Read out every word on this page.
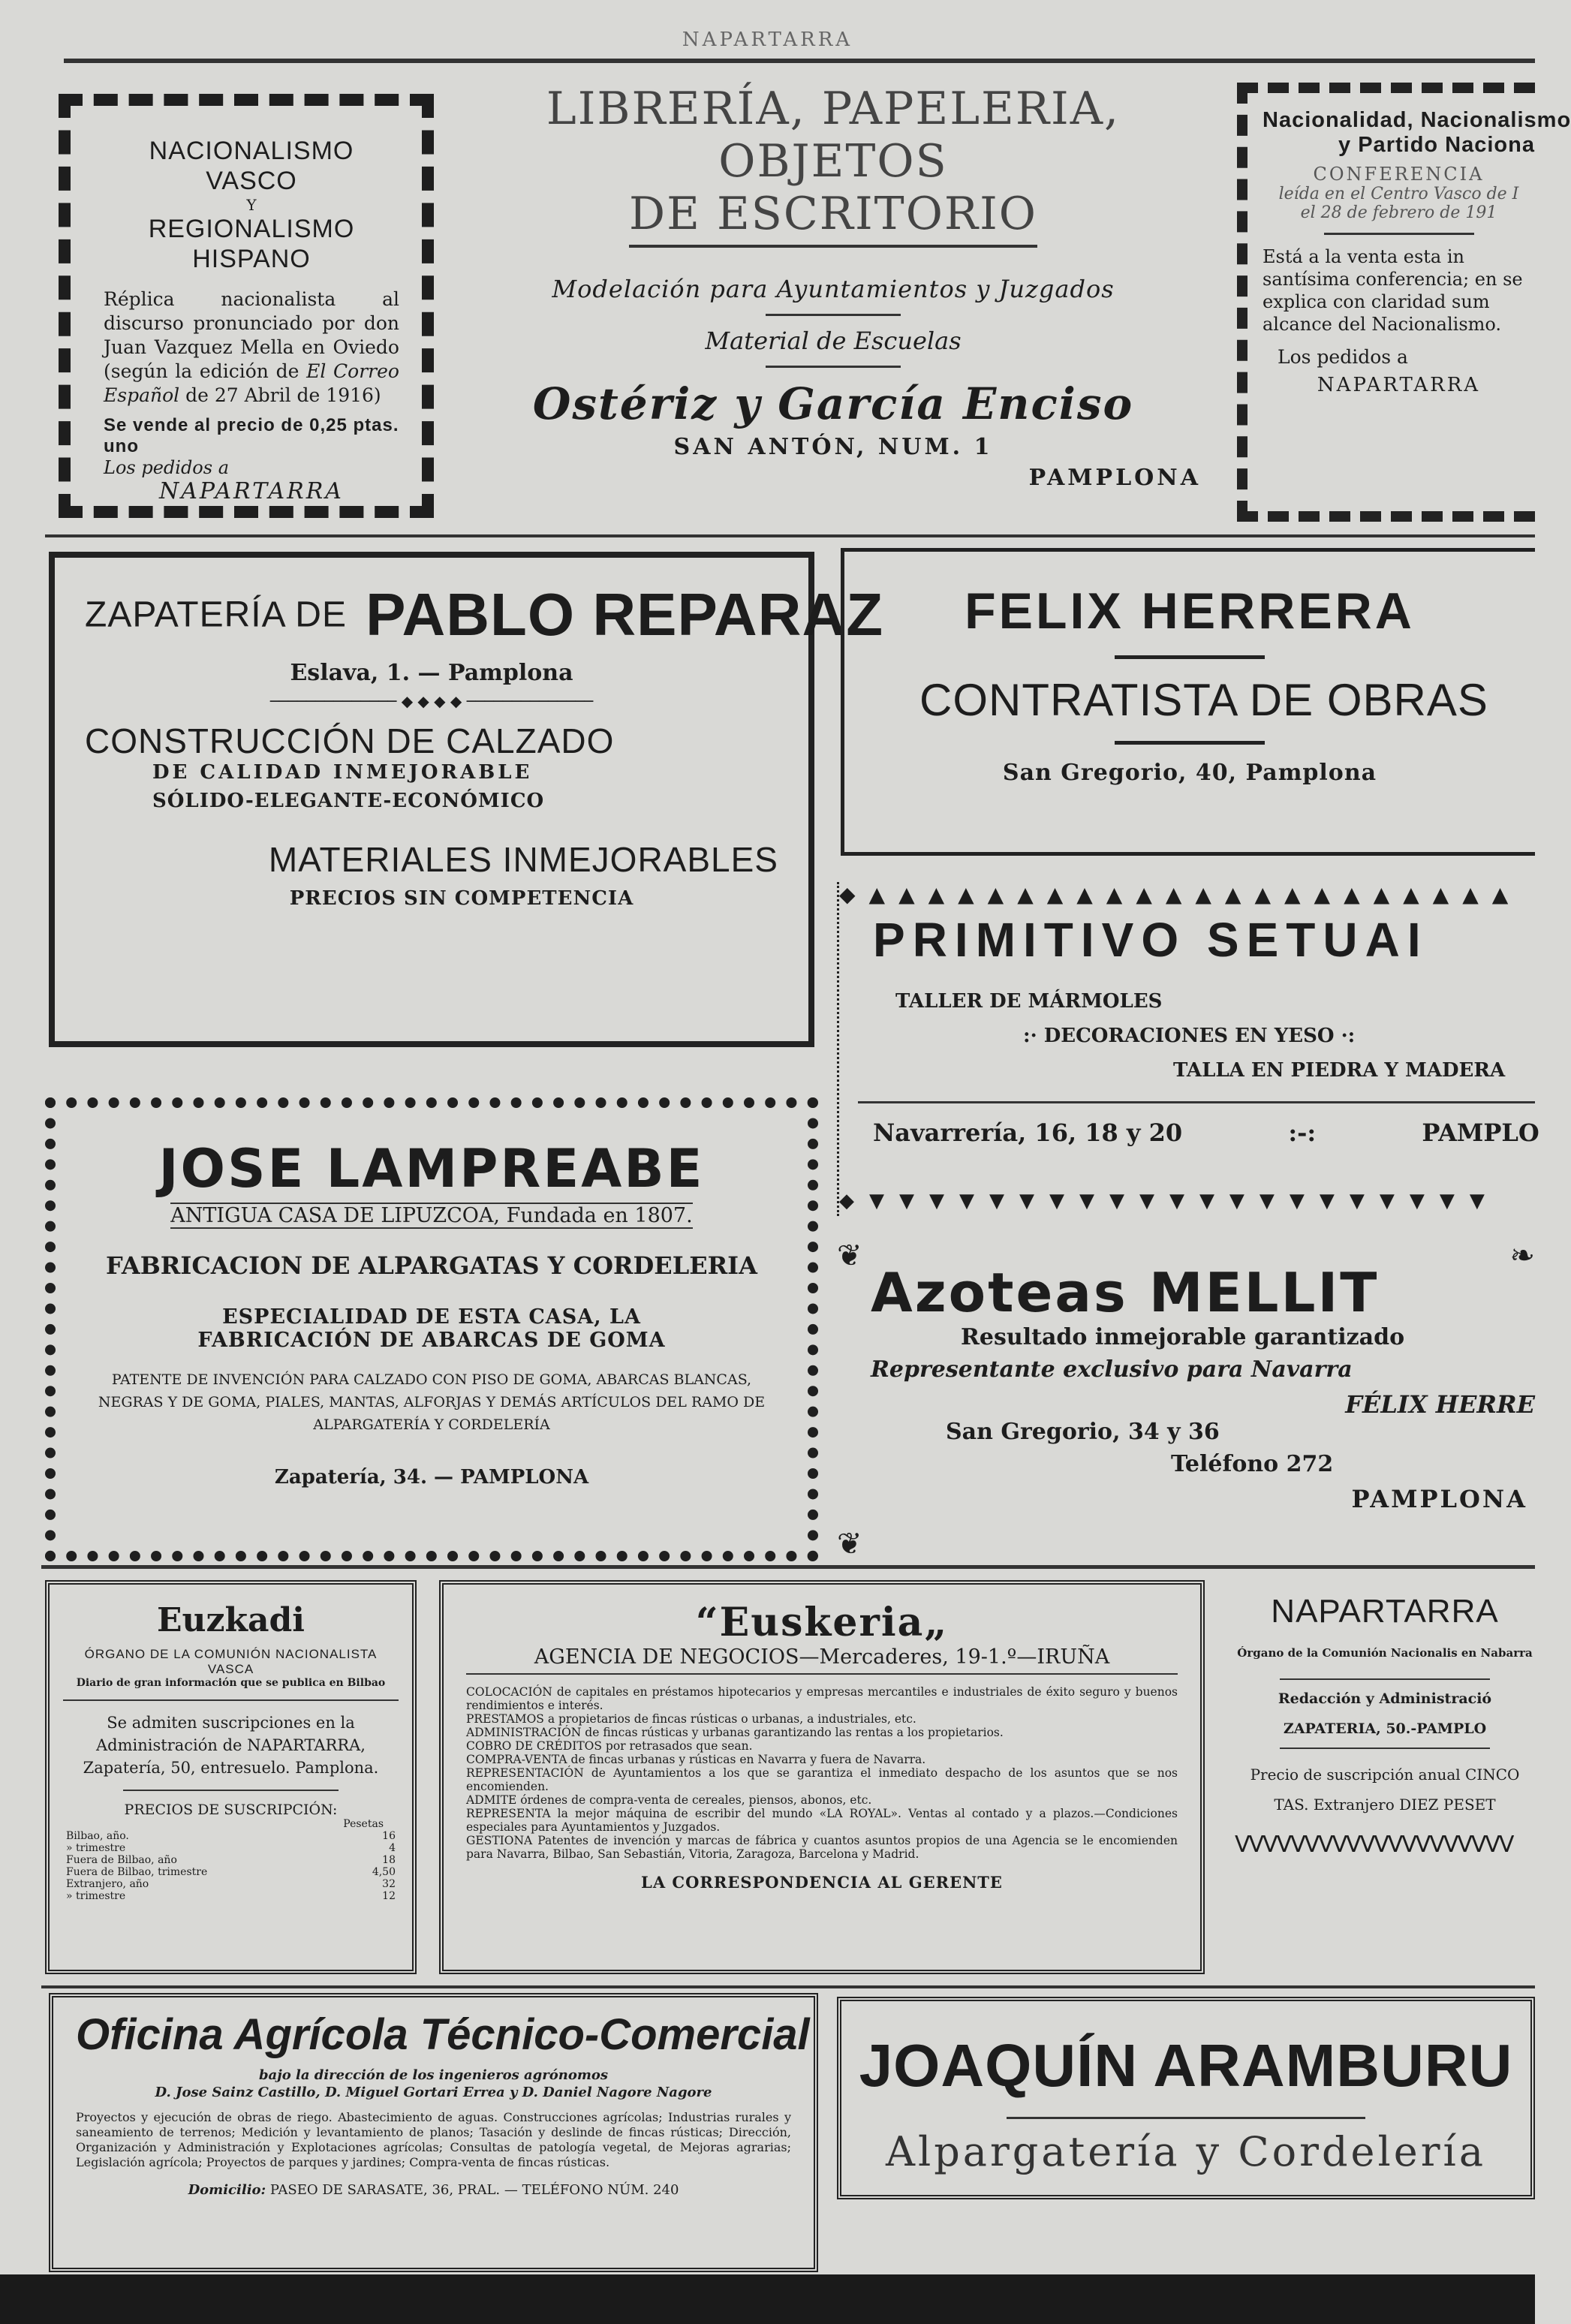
NAPARTARRA
NACIONALISMO VASCO
Y
REGIONALISMO HISPANO
Réplica nacionalista al discurso pronunciado por don Juan Vazquez Mella en Oviedo (según la edición de El Correo Español de 27 Abril de 1916)
Se vende al precio de 0,25 ptas. uno
Los pedidos a
NAPARTARRA
LIBRERÍA, PAPELERIA, OBJETOS
DE ESCRITORIO
Modelación para Ayuntamientos y Juzgados
Material de Escuelas
Ostériz y García Enciso
SAN ANTÓN, NUM. 1
PAMPLONA
Nacionalidad, Nacionalismo
y Partido Naciona
CONFERENCIA
leída en el Centro Vasco de I
el 28 de febrero de 191
Está a la venta esta in santísima conferencia; en se explica con claridad sum alcance del Nacionalismo.
Los pedidos a
NAPARTARRA
ZAPATERÍA DE PABLO REPARAZ
Eslava, 1. — Pamplona
────────────── ◆ ◆ ◆ ◆ ──────────────
CONSTRUCCIÓN DE CALZADO
DE CALIDAD INMEJORABLE
SÓLIDO-ELEGANTE-ECONÓMICO
MATERIALES INMEJORABLES
PRECIOS SIN COMPETENCIA
FELIX HERRERA
CONTRATISTA DE OBRAS
San Gregorio, 40, Pamplona
◆▲▲▲▲▲▲▲▲▲▲▲▲▲▲▲▲▲▲▲▲▲▲
PRIMITIVO SETUAI
TALLER DE MÁRMOLES
:· DECORACIONES EN YESO ·:
TALLA EN PIEDRA Y MADERA
Navarrería, 16, 18 y 20	:-:	PAMPLO
◆▼▼▼▼▼▼▼▼▼▼▼▼▼▼▼▼▼▼▼▼▼
JOSE LAMPREABE
ANTIGUA CASA DE LIPUZCOA, Fundada en 1807.
FABRICACION DE ALPARGATAS Y CORDELERIA
ESPECIALIDAD DE ESTA CASA, LA
FABRICACIÓN DE ABARCAS DE GOMA
PATENTE DE INVENCIÓN PARA CALZADO CON PISO DE GOMA, ABARCAS BLANCAS, NEGRAS Y DE GOMA, PIALES, MANTAS, ALFORJAS Y DEMÁS ARTÍCULOS DEL RAMO DE ALPARGATERÍA Y CORDELERÍA
Zapatería, 34. — PAMPLONA
❦	❧
❦
Azoteas MELLIT
Resultado inmejorable garantizado
Representante exclusivo para Navarra
FÉLIX HERRE
San Gregorio, 34 y 36
Teléfono 272
PAMPLONA
Euzkadi
ÓRGANO DE LA COMUNIÓN NACIONALISTA VASCA
Diario de gran información que se publica en Bilbao
Se admiten suscripciones en la Administración de NAPARTARRA, Zapatería, 50, entresuelo. Pamplona.
PRECIOS DE SUSCRIPCIÓN:
Pesetas
Bilbao, año.	16
» trimestre	4
Fuera de Bilbao, año	18
Fuera de Bilbao, trimestre	4,50
Extranjero, año	32
» trimestre	12
“Euskeria„
AGENCIA DE NEGOCIOS—Mercaderes, 19-1.º—IRUÑA
COLOCACIÓN de capitales en préstamos hipotecarios y empresas mercantiles e industriales de éxito seguro y buenos rendimientos e interés.
PRESTAMOS a propietarios de fincas rústicas o urbanas, a industriales, etc.
ADMINISTRACIÓN de fincas rústicas y urbanas garantizando las rentas a los propietarios.
COBRO DE CRÉDITOS por retrasados que sean.
COMPRA-VENTA de fincas urbanas y rústicas en Navarra y fuera de Navarra.
REPRESENTACIÓN de Ayuntamientos a los que se garantiza el inmediato despacho de los asuntos que se nos encomienden.
ADMITE órdenes de compra-venta de cereales, piensos, abonos, etc.
REPRESENTA la mejor máquina de escribir del mundo «LA ROYAL». Ventas al contado y a plazos.—Condiciones especiales para Ayuntamientos y Juzgados.
GESTIONA Patentes de invención y marcas de fábrica y cuantos asuntos propios de una Agencia se le encomienden para Navarra, Bilbao, San Sebastián, Vitoria, Zaragoza, Barcelona y Madrid.
LA CORRESPONDENCIA AL GERENTE
NAPARTARRA
Órgano de la Comunión Nacionalis en Nabarra
Redacción y Administració
ZAPATERIA, 50.-PAMPLO
Precio de suscripción anual CINCO TAS. Extranjero DIEZ PESET
ᐯᐯᐯᐯᐯᐯᐯᐯᐯᐯᐯᐯᐯᐯᐯᐯᐯᐯᐯᐯ
Oficina Agrícola Técnico-Comercial
bajo la dirección de los ingenieros agrónomos
D. Jose Sainz Castillo, D. Miguel Gortari Errea y D. Daniel Nagore Nagore
Proyectos y ejecución de obras de riego. Abastecimiento de aguas. Construcciones agrícolas; Industrias rurales y saneamiento de terrenos; Medición y levantamiento de planos; Tasación y deslinde de fincas rústicas; Dirección, Organización y Administración y Explotaciones agrícolas; Consultas de patología vegetal, de Mejoras agrarias; Legislación agrícola; Proyectos de parques y jardines; Compra-venta de fincas rústicas.
Domicilio: PASEO DE SARASATE, 36, PRAL. — TELÉFONO NÚM. 240
JOAQUÍN ARAMBURU
Alpargatería y Cordelería
